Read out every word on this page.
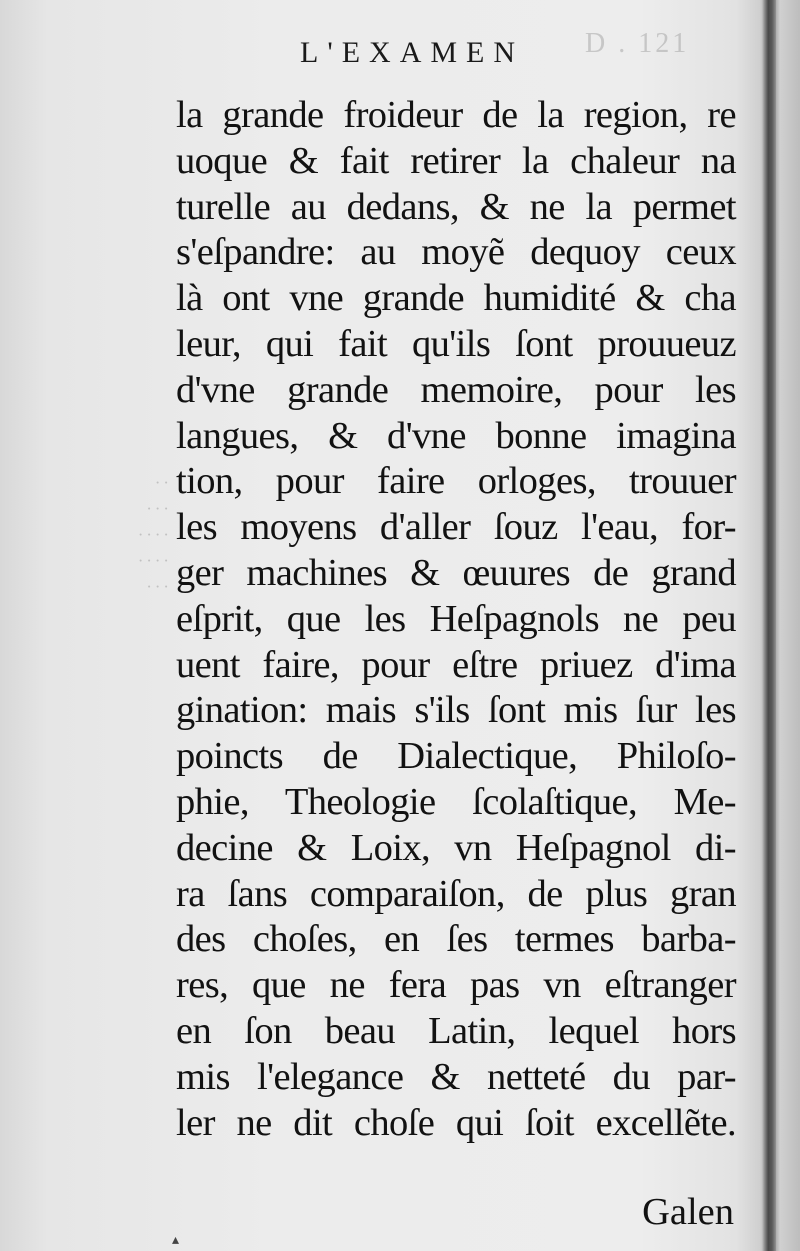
D . 121
· ·
· · ·
· · · ·
· · · ·
· · ·
L'EXAMEN
la grande froideur de la region, re
uoque & fait retirer la chaleur na
turelle au dedans, & ne la permet
s'eſpandre: au moyẽ dequoy ceux
là ont vne grande humidité & cha
leur, qui fait qu'ils ſont prouueuz
d'vne grande memoire, pour les
langues, & d'vne bonne imagina
tion, pour faire orloges, trouuer
les moyens d'aller ſouz l'eau, for-
ger machines & œuures de grand
eſprit, que les Heſpagnols ne peu
uent faire, pour eſtre priuez d'ima
gination: mais s'ils ſont mis ſur les
poincts de Dialectique, Philoſo-
phie, Theologie ſcolaſtique, Me-
decine & Loix, vn Heſpagnol di-
ra ſans comparaiſon, de plus gran
des choſes, en ſes termes barba-
res, que ne fera pas vn eſtranger
en ſon beau Latin, lequel hors
mis l'elegance & netteté du par-
ler ne dit choſe qui ſoit excellẽte.
Galen
▴
